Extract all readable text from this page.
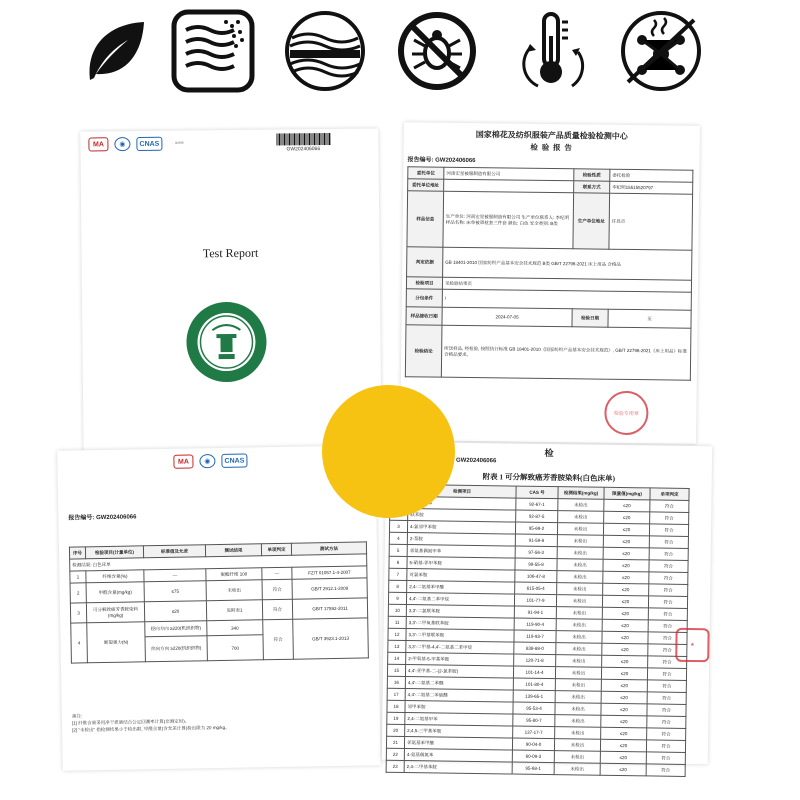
MA	◉	CNAS	≡≡≡
GW202406066
Test Report
国家棉花及纺织服装产品质量检验检测中心
检 验 报 告
报告编号: GW202406066
委托单位	河南宏星被服制造有限公司	检验性质	委托检验
委托单位地址		联系方式	李纪明15515520797
样品信息	生产单位: 河南宏星被服制造有限公司 生产单位联系人: 李纪明 样品名称: 床单被罩枕套三件套 颜色: 白色 安全类别: B类	生产单位地址	许昌市
判定依据	GB 18401-2010 国家纺织产品基本安全技术规范 B类 GB/T 22796-2021 床上用品 合格品		
检验项目	见检验结果页		
分包条件	/		
样品接收日期	2024-07-05	检验日期	至
检验结论	所送样品, 经检验, 按照执行标准 GB 18401-2010《国家纺织产品基本安全技术规范》, GB/T 22796-2021《床上用品》标准合格品要求。		
检验专用章
MA	◉	CNAS
报告编号: GW202406066
序号	检验项目(计量单位)	标准值及允差	测试结果	单项判定	测试方法
检测结果: 白色床单					
1	纤维含量(%)	—	聚酯纤维 100	—	FZ/T 01057.1-4-2007
2	甲醛含量(mg/kg)	≤75	未检出	符合	GB/T 2912.1-2009
3	可分解致癌芳香胺染料(mg/kg)	≤20	见附表1	符合	GB/T 17592-2011
4	断裂强力(N)	经向方向 ≥220(机织织物)	340	符合	GB/T 3923.1-2013
		纬向方向 ≥220(机织织物)	700		
备注:
[1] 纤维含量采用净干质量结合公定回潮率计算(非测定时)。
[2] "未检出" 指检测结果小于检出限, 甲醛含量(含允差计算)检出限为 20 mg/kg。
检
GW202406066
附表 1 可分解致癌芳香胺染料(白色床单)
	检测项目	CAS 号	检测结果(mg/kg)	限量值(mg/kg)	单项判定
		92-67-1	未检出	≤20	符合
	联苯胺	92-87-5	未检出	≤20	符合
3	4-氯邻甲苯胺	95-69-2	未检出	≤20	符合
4	2-萘胺	91-59-8	未检出	≤20	符合
5	邻氨基偶氮甲苯	97-56-3	未检出	≤20	符合
6	5-硝基-邻甲苯胺	99-55-8	未检出	≤20	符合
7	对氯苯胺	106-47-8	未检出	≤20	符合
8	2,4-二氨基苯甲醚	615-05-4	未检出	≤20	符合
9	4,4'-二氨基二苯甲烷	101-77-9	未检出	≤20	符合
10	3,3'-二氯联苯胺	91-94-1	未检出	≤20	符合
11	3,3'-二甲氧基联苯胺	119-90-4	未检出	≤20	符合
12	3,3'-二甲基联苯胺	119-93-7	未检出	≤20	符合
13	3,3'-二甲基-4,4'-二氨基二苯甲烷	838-88-0	未检出	≤20	符合
14	2-甲氧基-5-甲基苯胺	120-71-8	未检出	≤20	符合
15	4,4'-亚甲基-二-(2-氯苯胺)	101-14-4	未检出	≤20	符合
16	4,4'-二氨基二苯醚	101-80-4	未检出	≤20	符合
17	4,4'-二氨基二苯硫醚	139-65-1	未检出	≤20	符合
18	邻甲苯胺	95-53-4	未检出	≤20	符合
19	2,4-二氨基甲苯	95-80-7	未检出	≤20	符合
20	2,4,5-三甲基苯胺	137-17-7	未检出	≤20	符合
21	邻氨基苯甲醚	90-04-0	未检出	≤20	符合
22	4-氨基偶氮苯	60-09-3	未检出	≤20	符合
23	2,4-二甲基苯胺	95-68-1	未检出	≤20	符合
★
